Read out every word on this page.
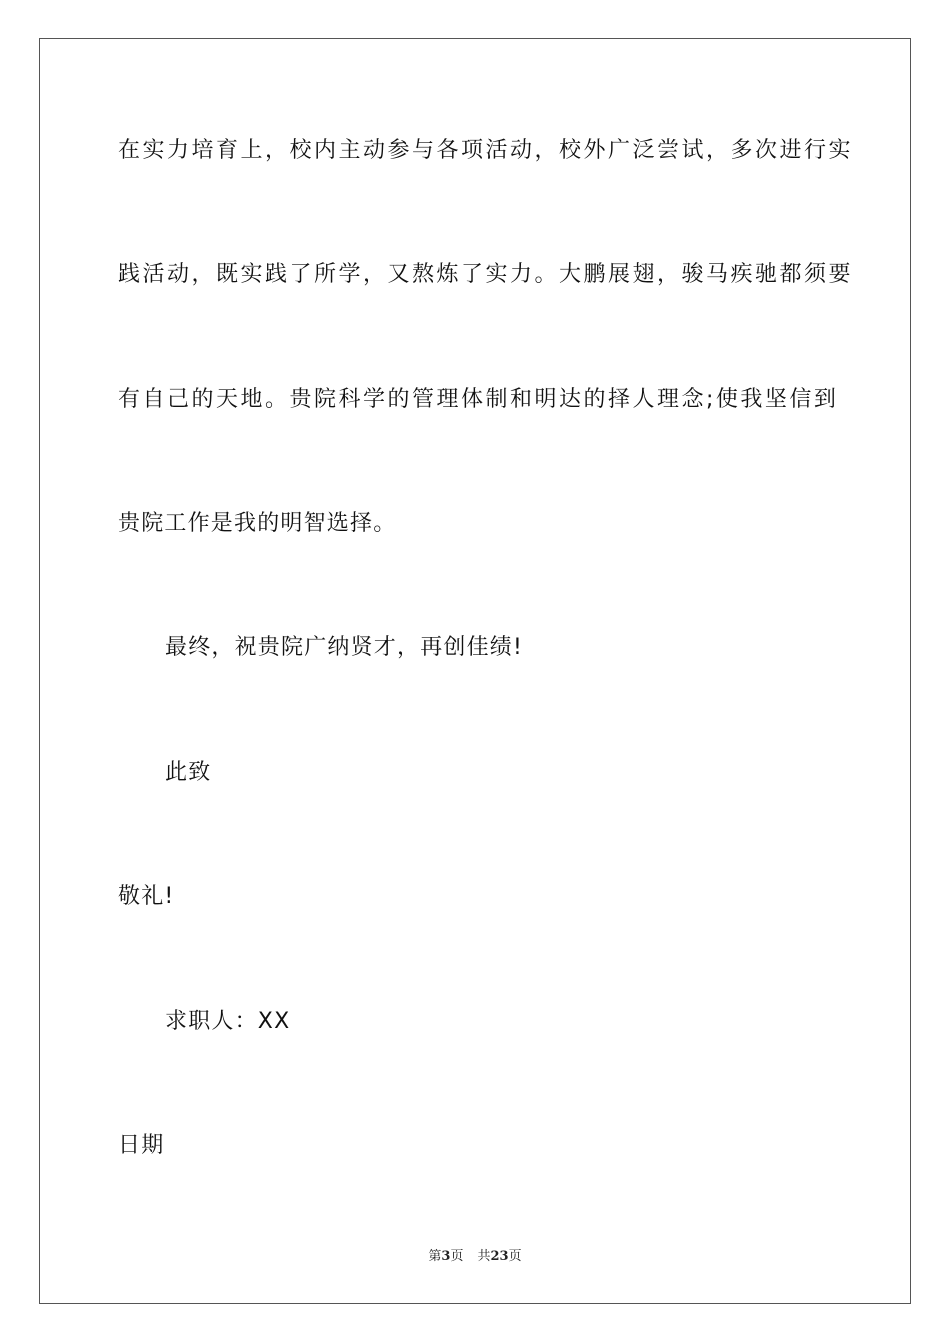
在实力培育上，校内主动参与各项活动，校外广泛尝试，多次进行实
践活动，既实践了所学，又熬炼了实力。大鹏展翅，骏马疾驰都须要
有自己的天地。贵院科学的管理体制和明达的择人理念;使我坚信到
贵院工作是我的明智选择。
最终，祝贵院广纳贤才，再创佳绩!
此致
敬礼!
求职人：XX
日期
第3页 共23页
